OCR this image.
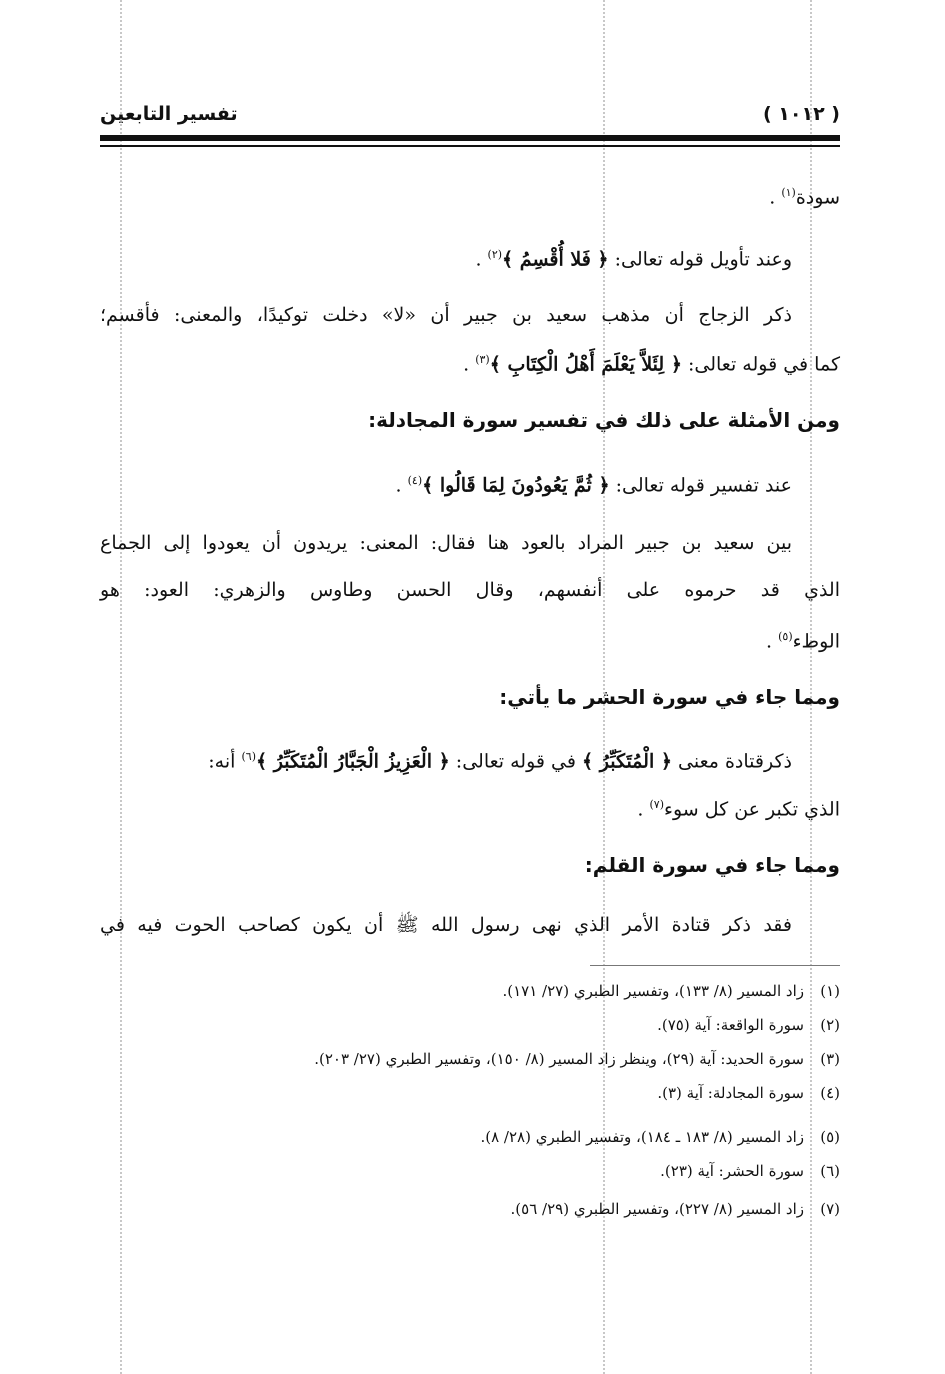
تفسير التابعين	( ١٠١٢ )
سودة$^{(١)}$ .
وعند تأويل قوله تعالى: ﴿ فَلا أُقْسِمُ ﴾$^{(٢)}$ .
ذكر الزجاج أن مذهب سعيد بن جبير أن «لا» دخلت توكيدًا، والمعنى: فأقسم؛
كما في قوله تعالى: ﴿ لِئَلاَّ يَعْلَمَ أَهْلُ الْكِتَابِ ﴾$^{(٣)}$ .
ومن الأمثلة على ذلك في تفسير سورة المجادلة:
عند تفسير قوله تعالى: ﴿ ثُمَّ يَعُودُونَ لِمَا قَالُوا ﴾$^{(٤)}$ .
بين سعيد بن جبير المراد بالعود هنا فقال: المعنى: يريدون أن يعودوا إلى الجماع
الذي قد حرموه على أنفسهم، وقال الحسن وطاوس والزهري: العود: هو
الوطء$^{(٥)}$ .
ومما جاء في سورة الحشر ما يأتي:
ذكرقتادة معنى ﴿ الْمُتَكَبِّرُ ﴾ في قوله تعالى: ﴿ الْعَزِيزُ الْجَبَّارُ الْمُتَكَبِّرُ ﴾$^{(٦)}$ أنه:
الذي تكبر عن كل سوء$^{(٧)}$ .
ومما جاء في سورة القلم:
فقد ذكر قتادة الأمر الذي نهى رسول الله ﷺ أن يكون كصاحب الحوت فيه في
(١)زاد المسير (٨/ ١٣٣)، وتفسير الطبري (٢٧/ ١٧١).
(٢)سورة الواقعة: آية (٧٥).
(٣)سورة الحديد: آية (٢٩)، وينظر زاد المسير (٨/ ١٥٠)، وتفسير الطبري (٢٧/ ٢٠٣).
(٤)سورة المجادلة: آية (٣).
(٥)زاد المسير (٨/ ١٨٣ ـ ١٨٤)، وتفسير الطبري (٢٨/ ٨).
(٦)سورة الحشر: آية (٢٣).
(٧)زاد المسير (٨/ ٢٢٧)، وتفسير الطبري (٢٩/ ٥٦).
